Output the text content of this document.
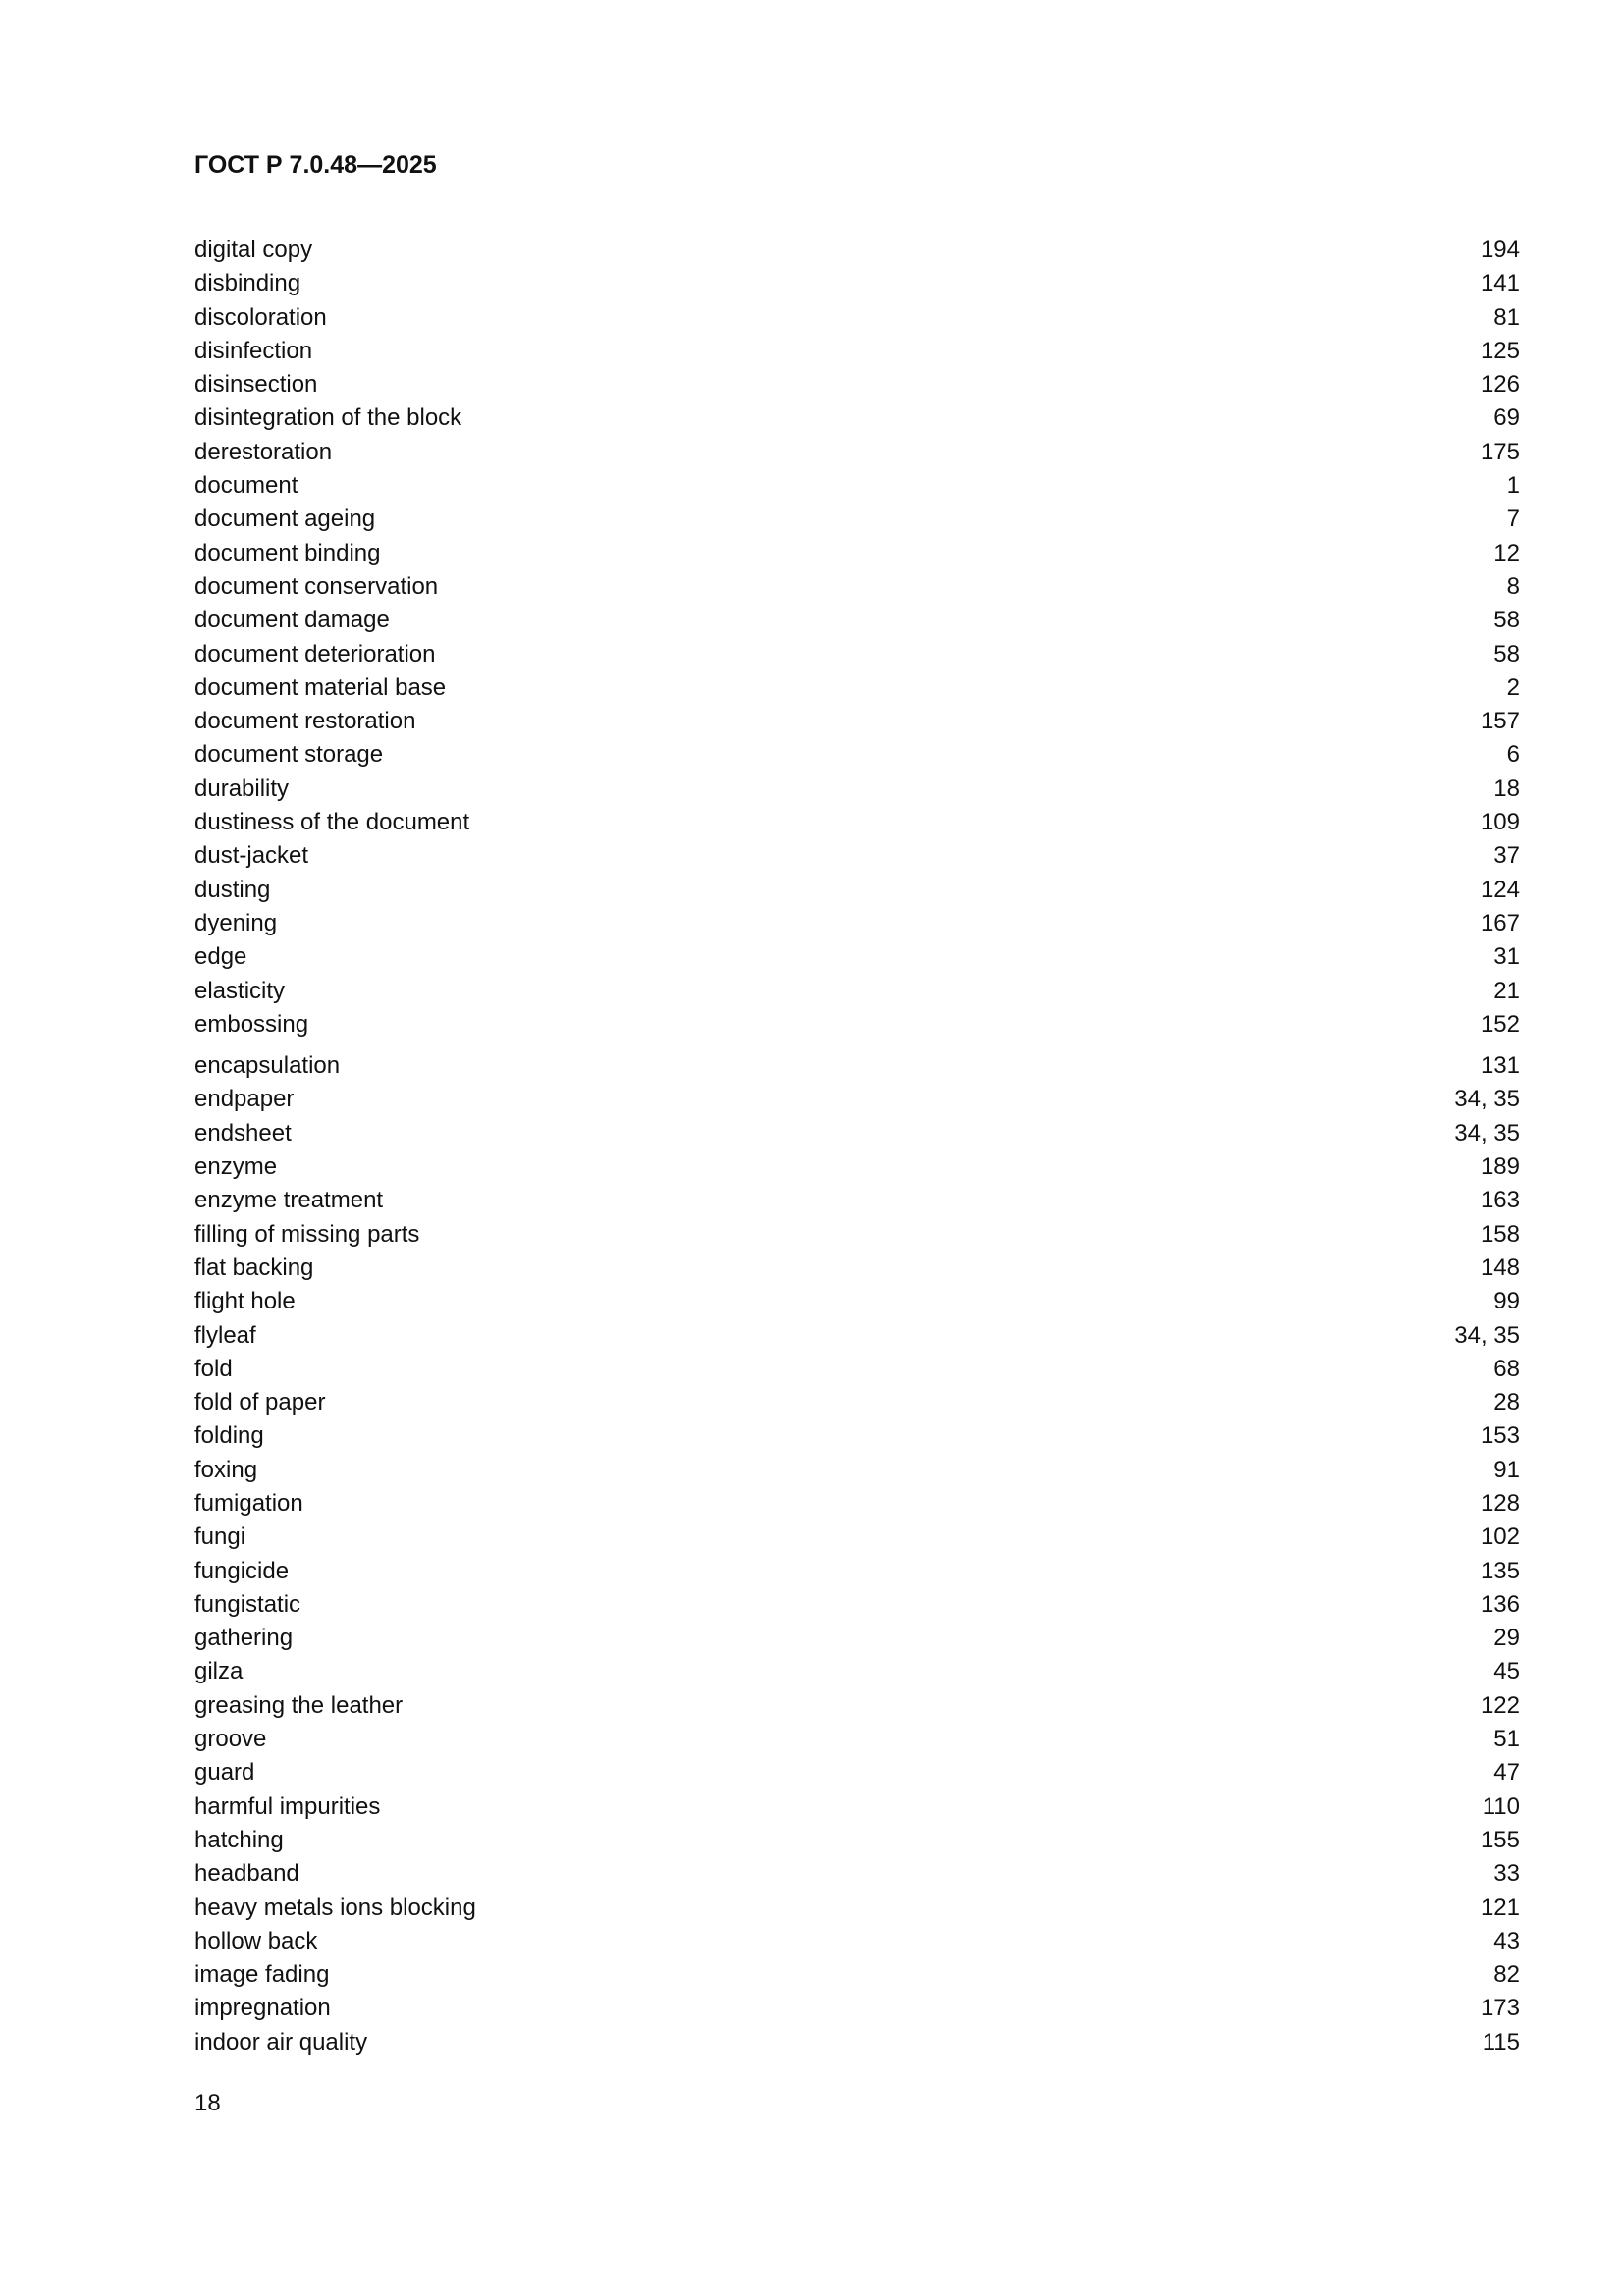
ГОСТ Р 7.0.48—2025
digital copy	194
disbinding	141
discoloration	81
disinfection	125
disinsection	126
disintegration of the block	69
derestoration	175
document	1
document ageing	7
document binding	12
document conservation	8
document damage	58
document deterioration	58
document material base	2
document restoration	157
document storage	6
durability	18
dustiness of the document	109
dust-jacket	37
dusting	124
dyening	167
edge	31
elasticity	21
embossing	152
encapsulation	131
endpaper	34, 35
endsheet	34, 35
enzyme	189
enzyme treatment	163
filling of missing parts	158
flat backing	148
flight hole	99
flyleaf	34, 35
fold	68
fold of paper	28
folding	153
foxing	91
fumigation	128
fungi	102
fungicide	135
fungistatic	136
gathering	29
gilza	45
greasing the leather	122
groove	51
guard	47
harmful impurities	110
hatching	155
headband	33
heavy metals ions blocking	121
hollow back	43
image fading	82
impregnation	173
indoor air quality	115
18
